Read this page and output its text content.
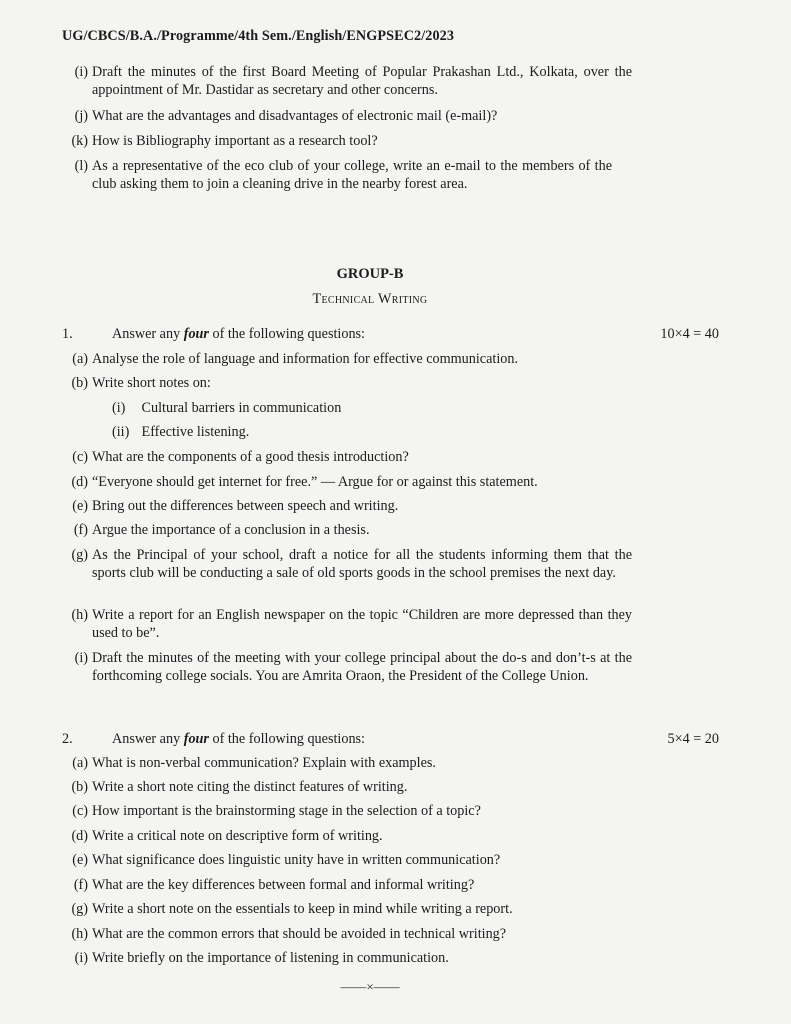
UG/CBCS/B.A./Programme/4th Sem./English/ENGPSEC2/2023
(i) Draft the minutes of the first Board Meeting of Popular Prakashan Ltd., Kolkata, over the appointment of Mr. Dastidar as secretary and other concerns.
(j) What are the advantages and disadvantages of electronic mail (e-mail)?
(k) How is Bibliography important as a research tool?
(l) As a representative of the eco club of your college, write an e-mail to the members of the club asking them to join a cleaning drive in the nearby forest area.
GROUP-B
Technical Writing
1.	Answer any four of the following questions:	10×4 = 40
(a) Analyse the role of language and information for effective communication.
(b) Write short notes on:
(i) Cultural barriers in communication
(ii) Effective listening.
(c) What are the components of a good thesis introduction?
(d) “Everyone should get internet for free.” — Argue for or against this statement.
(e) Bring out the differences between speech and writing.
(f) Argue the importance of a conclusion in a thesis.
(g) As the Principal of your school, draft a notice for all the students informing them that the sports club will be conducting a sale of old sports goods in the school premises the next day.
(h) Write a report for an English newspaper on the topic “Children are more depressed than they used to be”.
(i) Draft the minutes of the meeting with your college principal about the do-s and don’t-s at the forthcoming college socials. You are Amrita Oraon, the President of the College Union.
2.	Answer any four of the following questions:	5×4 = 20
(a) What is non-verbal communication? Explain with examples.
(b) Write a short note citing the distinct features of writing.
(c) How important is the brainstorming stage in the selection of a topic?
(d) Write a critical note on descriptive form of writing.
(e) What significance does linguistic unity have in written communication?
(f) What are the key differences between formal and informal writing?
(g) Write a short note on the essentials to keep in mind while writing a report.
(h) What are the common errors that should be avoided in technical writing?
(i) Write briefly on the importance of listening in communication.
——×——
